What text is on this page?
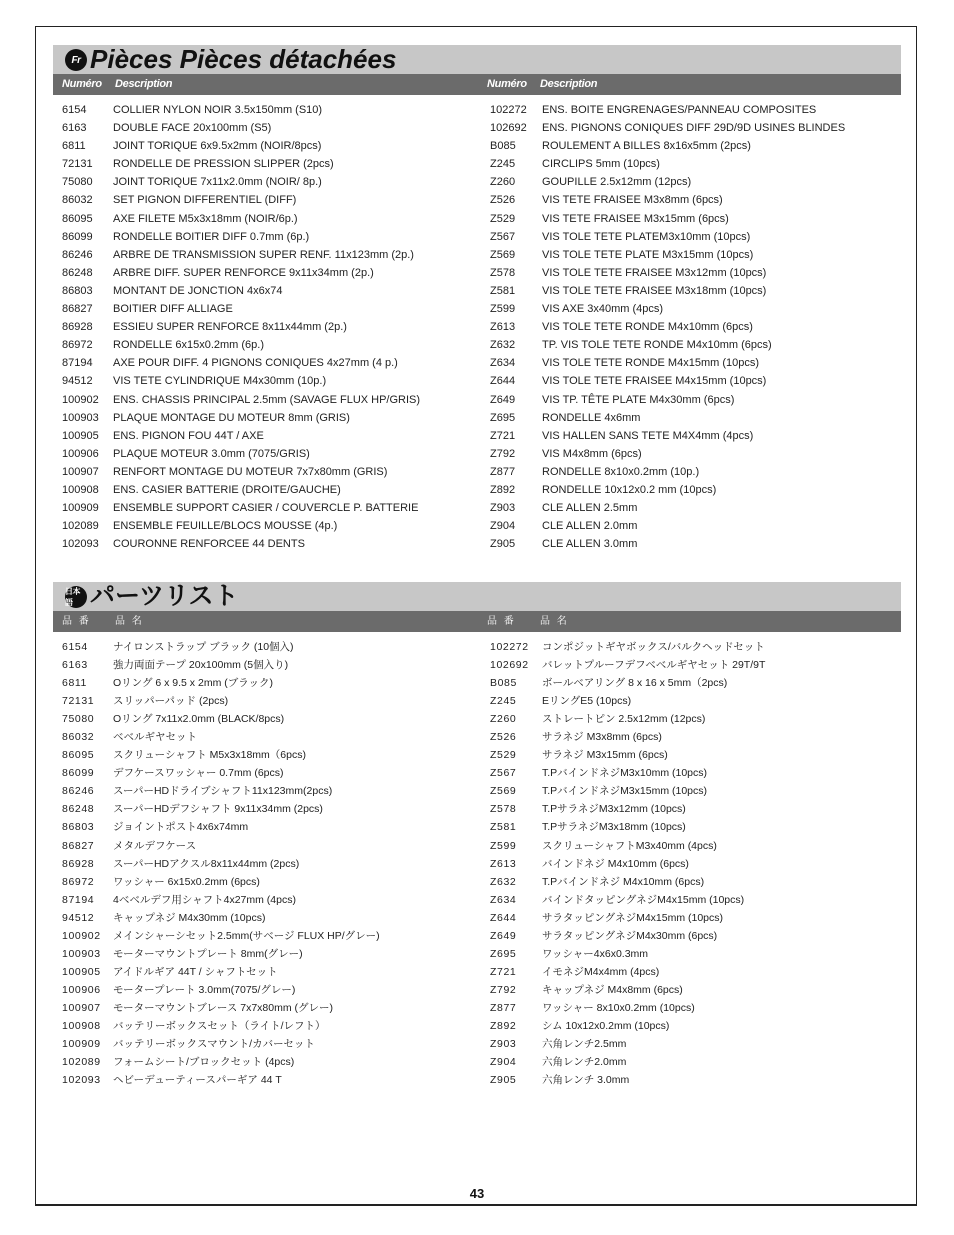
Fr Pièces Pièces détachées
Numéro Description	Numéro Description
6154 COLLIER NYLON NOIR 3.5x150mm (S10)
6163 DOUBLE FACE 20x100mm (S5)
6811 JOINT TORIQUE 6x9.5x2mm (NOIR/8pcs)
72131 RONDELLE DE PRESSION SLIPPER (2pcs)
75080 JOINT TORIQUE 7x11x2.0mm (NOIR/ 8p.)
86032 SET PIGNON DIFFERENTIEL (DIFF)
86095 AXE FILETE M5x3x18mm (NOIR/6p.)
86099 RONDELLE BOITIER DIFF 0.7mm (6p.)
86246 ARBRE DE TRANSMISSION SUPER RENF. 11x123mm (2p.)
86248 ARBRE DIFF. SUPER RENFORCE 9x11x34mm (2p.)
86803 MONTANT DE JONCTION 4x6x74
86827 BOITIER DIFF ALLIAGE
86928 ESSIEU SUPER RENFORCE 8x11x44mm (2p.)
86972 RONDELLE 6x15x0.2mm (6p.)
87194 AXE POUR DIFF. 4 PIGNONS CONIQUES 4x27mm (4 p.)
94512 VIS TETE CYLINDRIQUE M4x30mm (10p.)
100902 ENS. CHASSIS PRINCIPAL 2.5mm (SAVAGE FLUX HP/GRIS)
100903 PLAQUE MONTAGE DU MOTEUR 8mm (GRIS)
100905 ENS. PIGNON FOU 44T / AXE
100906 PLAQUE MOTEUR 3.0mm (7075/GRIS)
100907 RENFORT MONTAGE DU MOTEUR 7x7x80mm (GRIS)
100908 ENS. CASIER BATTERIE (DROITE/GAUCHE)
100909 ENSEMBLE SUPPORT CASIER / COUVERCLE P. BATTERIE
102089 ENSEMBLE FEUILLE/BLOCS MOUSSE (4p.)
102093 COURONNE RENFORCEE 44 DENTS
102272 ENS. BOITE ENGRENAGES/PANNEAU COMPOSITES
102692 ENS. PIGNONS CONIQUES DIFF 29D/9D USINES BLINDES
B085 ROULEMENT A BILLES 8x16x5mm (2pcs)
Z245 CIRCLIPS 5mm (10pcs)
Z260 GOUPILLE 2.5x12mm (12pcs)
Z526 VIS TETE FRAISEE M3x8mm (6pcs)
Z529 VIS TETE FRAISEE M3x15mm (6pcs)
Z567 VIS TOLE TETE PLATEM3x10mm (10pcs)
Z569 VIS TOLE TETE PLATE M3x15mm (10pcs)
Z578 VIS TOLE TETE FRAISEE M3x12mm (10pcs)
Z581 VIS TOLE TETE FRAISEE M3x18mm (10pcs)
Z599 VIS AXE 3x40mm (4pcs)
Z613 VIS TOLE TETE RONDE M4x10mm (6pcs)
Z632 TP. VIS TOLE TETE RONDE M4x10mm (6pcs)
Z634 VIS TOLE TETE RONDE M4x15mm (10pcs)
Z644 VIS TOLE TETE FRAISEE M4x15mm (10pcs)
Z649 VIS TP. TÊTE PLATE M4x30mm (6pcs)
Z695 RONDELLE 4x6mm
Z721 VIS HALLEN SANS TETE M4X4mm (4pcs)
Z792 VIS M4x8mm (6pcs)
Z877 RONDELLE 8x10x0.2mm (10p.)
Z892 RONDELLE 10x12x0.2 mm (10pcs)
Z903 CLE ALLEN 2.5mm
Z904 CLE ALLEN 2.0mm
Z905 CLE ALLEN 3.0mm
日本語 パーツリスト
品 番 品 名	品 番 品 名
6154 ナイロンストラップ ブラック (10個入)
6163 強力両面テープ 20x100mm (5個入り)
6811 Oリング 6 x 9.5 x 2mm (ブラック)
72131 スリッパーパッド (2pcs)
75080 Oリング 7x11x2.0mm (BLACK/8pcs)
86032 ベベルギヤセット
86095 スクリューシャフト M5x3x18mm（6pcs)
86099 デフケースワッシャー 0.7mm (6pcs)
86246 スーパーHDドライブシャフト11x123mm(2pcs)
86248 スーパーHDデフシャフト 9x11x34mm (2pcs)
86803 ジョイントポスト4x6x74mm
86827 メタルデフケース
86928 スーパーHDアクスル8x11x44mm (2pcs)
86972 ワッシャー 6x15x0.2mm (6pcs)
87194 4ベベルデフ用シャフト4x27mm (4pcs)
94512 キャップネジ M4x30mm (10pcs)
100902 メインシャーシセット2.5mm(サベージ FLUX HP/グレー)
100903 モーターマウントプレート 8mm(グレー)
100905 アイドルギア 44T / シャフトセット
100906 モータープレート 3.0mm(7075/グレー)
100907 モーターマウントブレース 7x7x80mm (グレー)
100908 バッテリーボックスセット（ライト/レフト）
100909 バッテリーボックスマウント/カバーセット
102089 フォームシート/ブロックセット (4pcs)
102093 ヘビーデューティースパーギア 44 T
102272 コンポジットギヤボックス/バルクヘッドセット
102692 バレットプルーフデフベベルギヤセット 29T/9T
B085 ボールベアリング 8 x 16 x 5mm（2pcs)
Z245 EリングE5 (10pcs)
Z260 ストレートピン 2.5x12mm (12pcs)
Z526 サラネジ M3x8mm (6pcs)
Z529 サラネジ M3x15mm (6pcs)
Z567 T.PバインドネジM3x10mm (10pcs)
Z569 T.PバインドネジM3x15mm (10pcs)
Z578 T.PサラネジM3x12mm (10pcs)
Z581 T.PサラネジM3x18mm (10pcs)
Z599 スクリューシャフトM3x40mm (4pcs)
Z613 バインドネジ M4x10mm (6pcs)
Z632 T.Pバインドネジ M4x10mm (6pcs)
Z634 バインドタッピングネジM4x15mm (10pcs)
Z644 サラタッピングネジM4x15mm (10pcs)
Z649 サラタッピングネジM4x30mm (6pcs)
Z695 ワッシャー4x6x0.3mm
Z721 イモネジM4x4mm (4pcs)
Z792 キャップネジ M4x8mm (6pcs)
Z877 ワッシャー 8x10x0.2mm (10pcs)
Z892 シム 10x12x0.2mm (10pcs)
Z903 六角レンチ2.5mm
Z904 六角レンチ2.0mm
Z905 六角レンチ 3.0mm
43
